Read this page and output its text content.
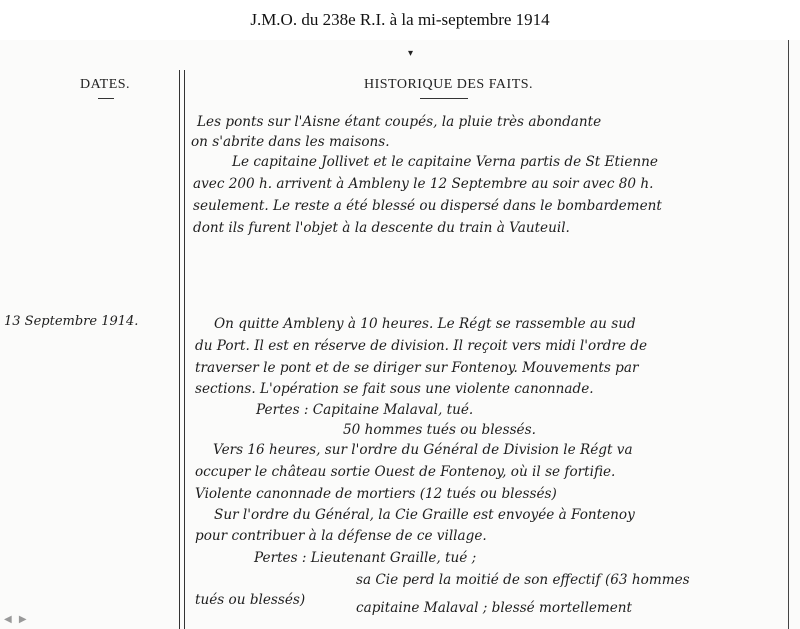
J.M.O. du 238e R.I. à la mi-septembre 1914
▾
DATES.	HISTORIQUE DES FAITS.
13 Septembre 1914.
Les ponts sur l'Aisne étant coupés, la pluie très abondante
on s'abrite dans les maisons.
Le capitaine Jollivet et le capitaine Verna partis de St Etienne
avec 200 h. arrivent à Ambleny le 12 Septembre au soir avec 80 h.
seulement. Le reste a été blessé ou dispersé dans le bombardement
dont ils furent l'objet à la descente du train à Vauteuil.
On quitte Ambleny à 10 heures. Le Régt se rassemble au sud
du Port. Il est en réserve de division. Il reçoit vers midi l'ordre de
traverser le pont et de se diriger sur Fontenoy. Mouvements par
sections. L'opération se fait sous une violente canonnade.
Pertes : Capitaine Malaval, tué.
50 hommes tués ou blessés.
Vers 16 heures, sur l'ordre du Général de Division le Régt va
occuper le château sortie Ouest de Fontenoy, où il se fortifie.
Violente canonnade de mortiers (12 tués ou blessés)
Sur l'ordre du Général, la Cie Graille est envoyée à Fontenoy
pour contribuer à la défense de ce village.
Pertes : Lieutenant Graille, tué ;
sa Cie perd la moitié de son effectif (63 hommes
tués ou blessés)	capitaine Malaval ; blessé mortellement
◀ ▶
